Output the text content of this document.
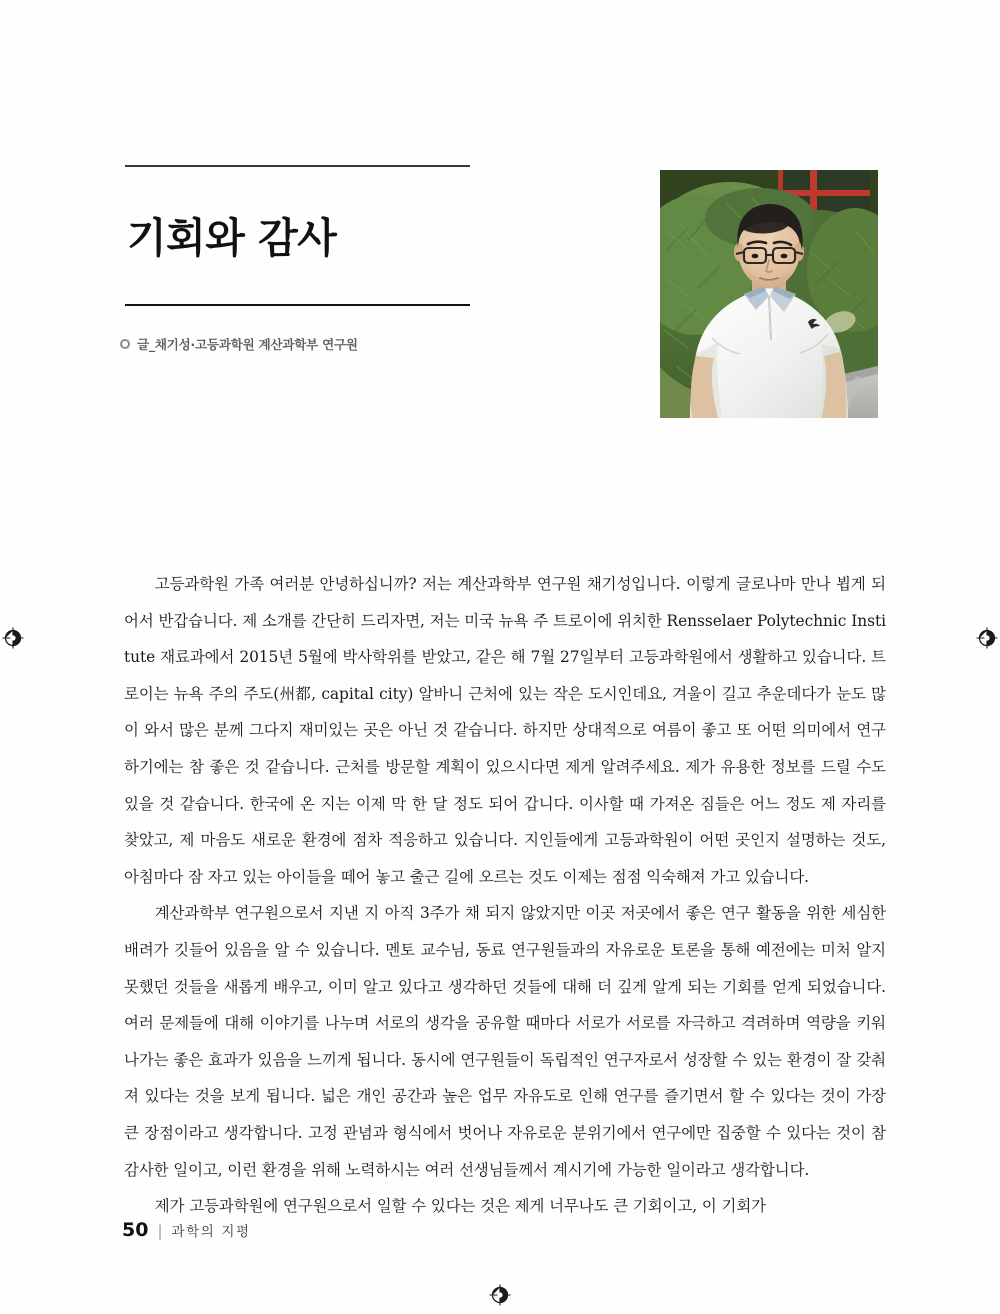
기회와 감사
글_채기성·고등과학원 계산과학부 연구원

고등과학원 가족 여러분 안녕하십니까? 저는 계산과학부 연구원 채기성입니다. 이렇게 글로나마 만나 뵙게 되어서 반갑습니다. 제 소개를 간단히 드리자면, 저는 미국 뉴욕 주 트로이에 위치한 Rensselaer Polytechnic Institute 재료과에서 2015년 5월에 박사학위를 받았고, 같은 해 7월 27일부터 고등과학원에서 생활하고 있습니다. 트로이는 뉴욕 주의 주도(州都, capital city) 알바니 근처에 있는 작은 도시인데요, 겨울이 길고 추운데다가 눈도 많이 와서 많은 분께 그다지 재미있는 곳은 아닌 것 같습니다. 하지만 상대적으로 여름이 좋고 또 어떤 의미에서 연구하기에는 참 좋은 것 같습니다. 근처를 방문할 계획이 있으시다면 제게 알려주세요. 제가 유용한 정보를 드릴 수도 있을 것 같습니다. 한국에 온 지는 이제 막 한 달 정도 되어 갑니다. 이사할 때 가져온 짐들은 어느 정도 제 자리를 찾았고, 제 마음도 새로운 환경에 점차 적응하고 있습니다. 지인들에게 고등과학원이 어떤 곳인지 설명하는 것도, 아침마다 잠 자고 있는 아이들을 떼어 놓고 출근 길에 오르는 것도 이제는 점점 익숙해져 가고 있습니다.

계산과학부 연구원으로서 지낸 지 아직 3주가 채 되지 않았지만 이곳 저곳에서 좋은 연구 활동을 위한 세심한 배려가 깃들어 있음을 알 수 있습니다. 멘토 교수님, 동료 연구원들과의 자유로운 토론을 통해 예전에는 미처 알지 못했던 것들을 새롭게 배우고, 이미 알고 있다고 생각하던 것들에 대해 더 깊게 알게 되는 기회를 얻게 되었습니다. 여러 문제들에 대해 이야기를 나누며 서로의 생각을 공유할 때마다 서로가 서로를 자극하고 격려하며 역량을 키워나가는 좋은 효과가 있음을 느끼게 됩니다. 동시에 연구원들이 독립적인 연구자로서 성장할 수 있는 환경이 잘 갖춰져 있다는 것을 보게 됩니다. 넓은 개인 공간과 높은 업무 자유도로 인해 연구를 즐기면서 할 수 있다는 것이 가장 큰 장점이라고 생각합니다. 고정 관념과 형식에서 벗어나 자유로운 분위기에서 연구에만 집중할 수 있다는 것이 참 감사한 일이고, 이런 환경을 위해 노력하시는 여러 선생님들께서 계시기에 가능한 일이라고 생각합니다.

제가 고등과학원에 연구원으로서 일할 수 있다는 것은 제게 너무나도 큰 기회이고, 이 기회가

50 | 과학의 지평
